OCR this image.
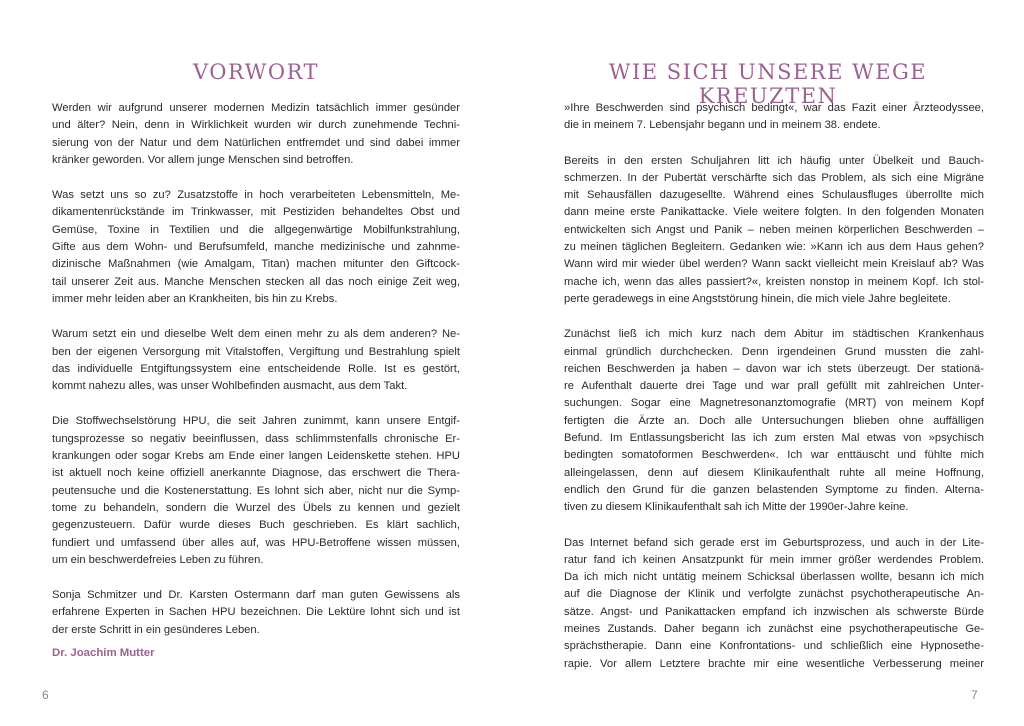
VORWORT
Werden wir aufgrund unserer modernen Medizin tatsächlich immer gesünder
und älter? Nein, denn in Wirklichkeit wurden wir durch zunehmende Techni-
sierung von der Natur und dem Natürlichen entfremdet und sind dabei immer
kränker geworden. Vor allem junge Menschen sind betroffen.
Was setzt uns so zu? Zusatzstoffe in hoch verarbeiteten Lebensmitteln, Me-
dikamentenrückstände im Trinkwasser, mit Pestiziden behandeltes Obst und
Gemüse, Toxine in Textilien und die allgegenwärtige Mobilfunkstrahlung,
Gifte aus dem Wohn- und Berufsumfeld, manche medizinische und zahnme-
dizinische Maßnahmen (wie Amalgam, Titan) machen mitunter den Giftcock-
tail unserer Zeit aus. Manche Menschen stecken all das noch einige Zeit weg,
immer mehr leiden aber an Krankheiten, bis hin zu Krebs.
Warum setzt ein und dieselbe Welt dem einen mehr zu als dem anderen? Ne-
ben der eigenen Versorgung mit Vitalstoffen, Vergiftung und Bestrahlung spielt
das individuelle Entgiftungssystem eine entscheidende Rolle. Ist es gestört,
kommt nahezu alles, was unser Wohlbefinden ausmacht, aus dem Takt.
Die Stoffwechselstörung HPU, die seit Jahren zunimmt, kann unsere Entgif-
tungsprozesse so negativ beeinflussen, dass schlimmstenfalls chronische Er-
krankungen oder sogar Krebs am Ende einer langen Leidenskette stehen. HPU
ist aktuell noch keine offiziell anerkannte Diagnose, das erschwert die Thera-
peutensuche und die Kostenerstattung. Es lohnt sich aber, nicht nur die Symp-
tome zu behandeln, sondern die Wurzel des Übels zu kennen und gezielt
gegenzusteuern. Dafür wurde dieses Buch geschrieben. Es klärt sachlich,
fundiert und umfassend über alles auf, was HPU-Betroffene wissen müssen,
um ein beschwerdefreies Leben zu führen.
Sonja Schmitzer und Dr. Karsten Ostermann darf man guten Gewissens als
erfahrene Experten in Sachen HPU bezeichnen. Die Lektüre lohnt sich und ist
der erste Schritt in ein gesünderes Leben.

Dr. Joachim Mutter

6

WIE SICH UNSERE WEGE KREUZTEN
»Ihre Beschwerden sind psychisch bedingt«, war das Fazit einer Ärzteodyssee,
die in meinem 7. Lebensjahr begann und in meinem 38. endete.
Bereits in den ersten Schuljahren litt ich häufig unter Übelkeit und Bauch-
schmerzen. In der Pubertät verschärfte sich das Problem, als sich eine Migräne
mit Sehausfällen dazugesellte. Während eines Schulausfluges überrollte mich
dann meine erste Panikattacke. Viele weitere folgten. In den folgenden Monaten
entwickelten sich Angst und Panik – neben meinen körperlichen Beschwerden –
zu meinen täglichen Begleitern. Gedanken wie: »Kann ich aus dem Haus gehen?
Wann wird mir wieder übel werden? Wann sackt vielleicht mein Kreislauf ab? Was
mache ich, wenn das alles passiert?«, kreisten nonstop in meinem Kopf. Ich stol-
perte geradewegs in eine Angststörung hinein, die mich viele Jahre begleitete.
Zunächst ließ ich mich kurz nach dem Abitur im städtischen Krankenhaus
einmal gründlich durchchecken. Denn irgendeinen Grund mussten die zahl-
reichen Beschwerden ja haben – davon war ich stets überzeugt. Der stationä-
re Aufenthalt dauerte drei Tage und war prall gefüllt mit zahlreichen Unter-
suchungen. Sogar eine Magnetresonanztomografie (MRT) von meinem Kopf
fertigten die Ärzte an. Doch alle Untersuchungen blieben ohne auffälligen
Befund. Im Entlassungsbericht las ich zum ersten Mal etwas von »psychisch
bedingten somatoformen Beschwerden«. Ich war enttäuscht und fühlte mich
alleingelassen, denn auf diesem Klinikaufenthalt ruhte all meine Hoffnung,
endlich den Grund für die ganzen belastenden Symptome zu finden. Alterna-
tiven zu diesem Klinikaufenthalt sah ich Mitte der 1990er-Jahre keine.
Das Internet befand sich gerade erst im Geburtsprozess, und auch in der Lite-
ratur fand ich keinen Ansatzpunkt für mein immer größer werdendes Problem.
Da ich mich nicht untätig meinem Schicksal überlassen wollte, besann ich mich
auf die Diagnose der Klinik und verfolgte zunächst psychotherapeutische An-
sätze. Angst- und Panikattacken empfand ich inzwischen als schwerste Bürde
meines Zustands. Daher begann ich zunächst eine psychotherapeutische Ge-
sprächstherapie. Dann eine Konfrontations- und schließlich eine Hypnosethe-
rapie. Vor allem Letztere brachte mir eine wesentliche Verbesserung meiner

7
